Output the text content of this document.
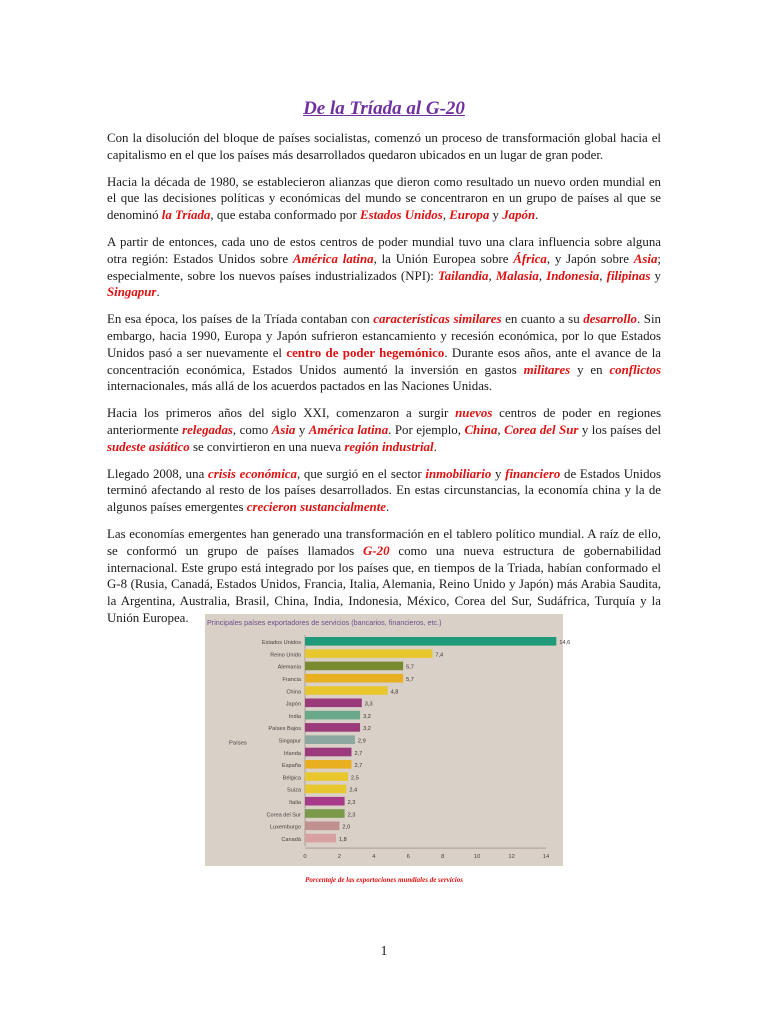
De la Tríada al G-20

Con la disolución del bloque de países socialistas, comenzó un proceso de transformación global hacia el capitalismo en el que los países más desarrollados quedaron ubicados en un lugar de gran poder.

Hacia la década de 1980, se establecieron alianzas que dieron como resultado un nuevo orden mundial en el que las decisiones políticas y económicas del mundo se concentraron en un grupo de países al que se denominó la Tríada, que estaba conformado por Estados Unidos, Europa y Japón.

A partir de entonces, cada uno de estos centros de poder mundial tuvo una clara influencia sobre alguna otra región: Estados Unidos sobre América latina, la Unión Europea sobre África, y Japón sobre Asia; especialmente, sobre los nuevos países industrializados (NPI): Tailandia, Malasia, Indonesia, filipinas y Singapur.

En esa época, los países de la Tríada contaban con características similares en cuanto a su desarrollo. Sin embargo, hacia 1990, Europa y Japón sufrieron estancamiento y recesión económica, por lo que Estados Unidos pasó a ser nuevamente el centro de poder hegemónico. Durante esos años, ante el avance de la concentración económica, Estados Unidos aumentó la inversión en gastos militares y en conflictos internacionales, más allá de los acuerdos pactados en las Naciones Unidas.

Hacia los primeros años del siglo XXI, comenzaron a surgir nuevos centros de poder en regiones anteriormente relegadas, como Asia y América latina. Por ejemplo, China, Corea del Sur y los países del sudeste asiático se convirtieron en una nueva región industrial.

Llegado 2008, una crisis económica, que surgió en el sector inmobiliario y financiero de Estados Unidos terminó afectando al resto de los países desarrollados. En estas circunstancias, la economía china y la de algunos países emergentes crecieron sustancialmente.

Las economías emergentes han generado una transformación en el tablero político mundial. A raíz de ello, se conformó un grupo de países llamados G-20 como una nueva estructura de gobernabilidad internacional. Este grupo está integrado por los países que, en tiempos de la Triada, habían conformado el G-8 (Rusia, Canadá, Estados Unidos, Francia, Italia, Alemania, Reino Unido y Japón) más Arabia Saudita, la Argentina, Australia, Brasil, China, India, Indonesia, México, Corea del Sur, Sudáfrica, Turquía y la Unión Europea.	Principales países exportadores de servicios (bancarios, financieros, etc.)
Estados Unidos	14,6
Reino Unido	7,4
Alemania	5,7
Francia	5,7
China	4,8
Japón	3,3
India	3,2
Países Bajos	3,2
Singapur	2,9
Irlanda	2,7
España	2,7
Bélgica	2,5
Suiza	2,4
Italia	2,3
Corea del Sur	2,3
Luxemburgo	2,0
Canadá	1,8
Países
0	2	4	6	8	10	12	14
Porcentaje de las exportaciones mundiales de servicios
1
